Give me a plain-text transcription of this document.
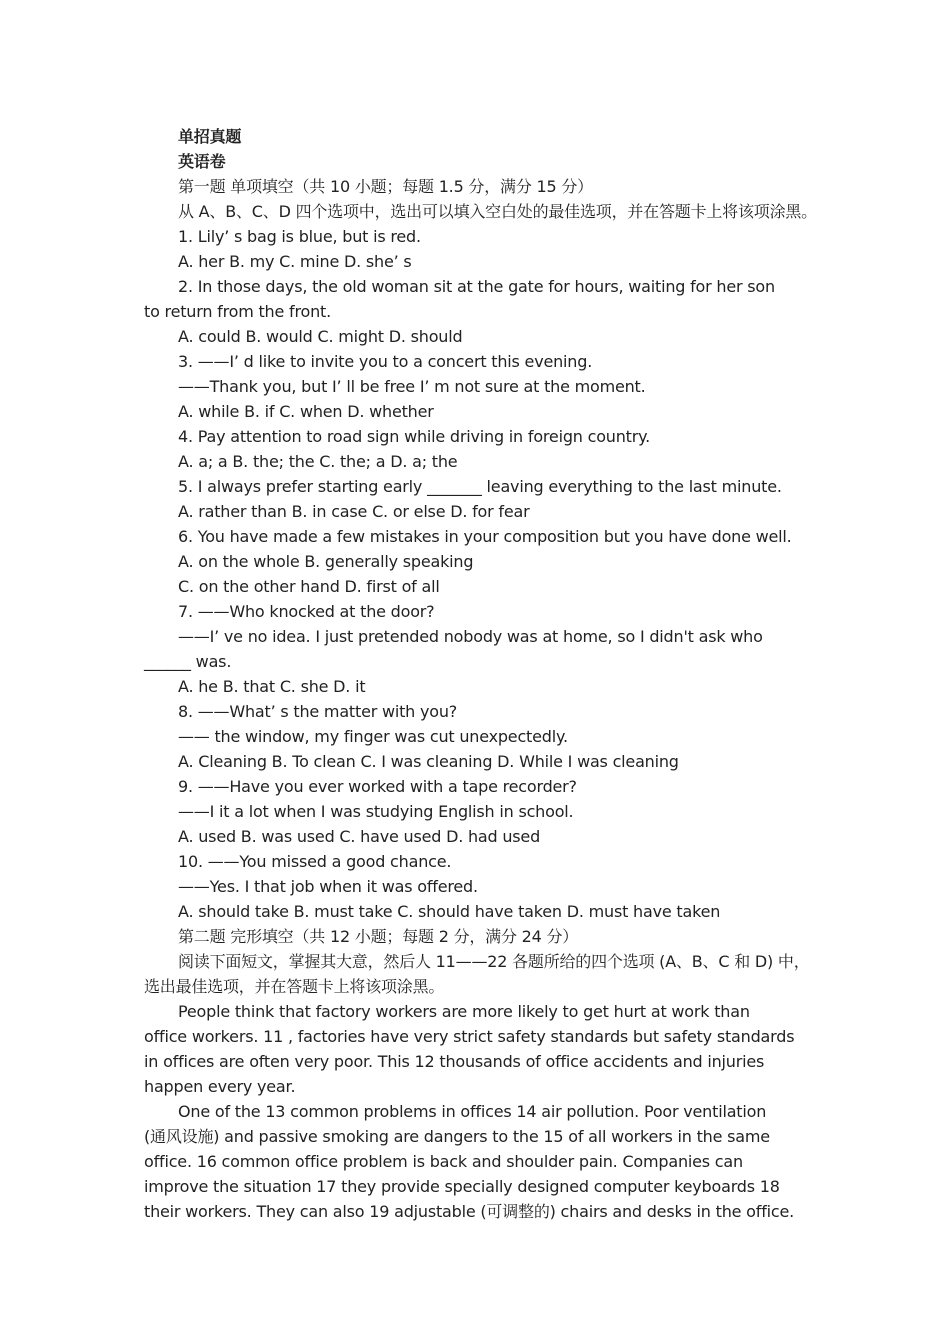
单招真题
英语卷
第一题 单项填空（共 10 小题；每题 1.5 分，满分 15 分）
从 A、B、C、D 四个选项中，选出可以填入空白处的最佳选项，并在答题卡上将该项涂黑。
1. Lily’ s bag is blue, but is red.
A. her B. my C. mine D. she’ s
2. In those days, the old woman sit at the gate for hours, waiting for her son
to return from the front.
A. could B. would C. might D. should
3. ——I’ d like to invite you to a concert this evening.
——Thank you, but I’ ll be free I’ m not sure at the moment.
A. while B. if C. when D. whether
4. Pay attention to road sign while driving in foreign country.
A. a; a B. the; the C. the; a D. a; the
5. I always prefer starting early _______ leaving everything to the last minute.
A. rather than B. in case C. or else D. for fear
6. You have made a few mistakes in your composition but you have done well.
A. on the whole B. generally speaking
C. on the other hand D. first of all
7. ——Who knocked at the door?
——I’ ve no idea. I just pretended nobody was at home, so I didn't ask who
______ was.
A. he B. that C. she D. it
8. ——What’ s the matter with you?
—— the window, my finger was cut unexpectedly.
A. Cleaning B. To clean C. I was cleaning D. While I was cleaning
9. ——Have you ever worked with a tape recorder?
——I it a lot when I was studying English in school.
A. used B. was used C. have used D. had used
10. ——You missed a good chance.
——Yes. I that job when it was offered.
A. should take B. must take C. should have taken D. must have taken
第二题 完形填空（共 12 小题；每题 2 分，满分 24 分）
阅读下面短文，掌握其大意，然后人 11——22 各题所给的四个选项 (A、B、C 和 D) 中，
选出最佳选项，并在答题卡上将该项涂黑。
People think that factory workers are more likely to get hurt at work than
office workers. 11 , factories have very strict safety standards but safety standards
in offices are often very poor. This 12 thousands of office accidents and injuries
happen every year.
One of the 13 common problems in offices 14 air pollution. Poor ventilation
(通风设施) and passive smoking are dangers to the 15 of all workers in the same
office. 16 common office problem is back and shoulder pain. Companies can
improve the situation 17 they provide specially designed computer keyboards 18
their workers. They can also 19 adjustable (可调整的) chairs and desks in the office.
